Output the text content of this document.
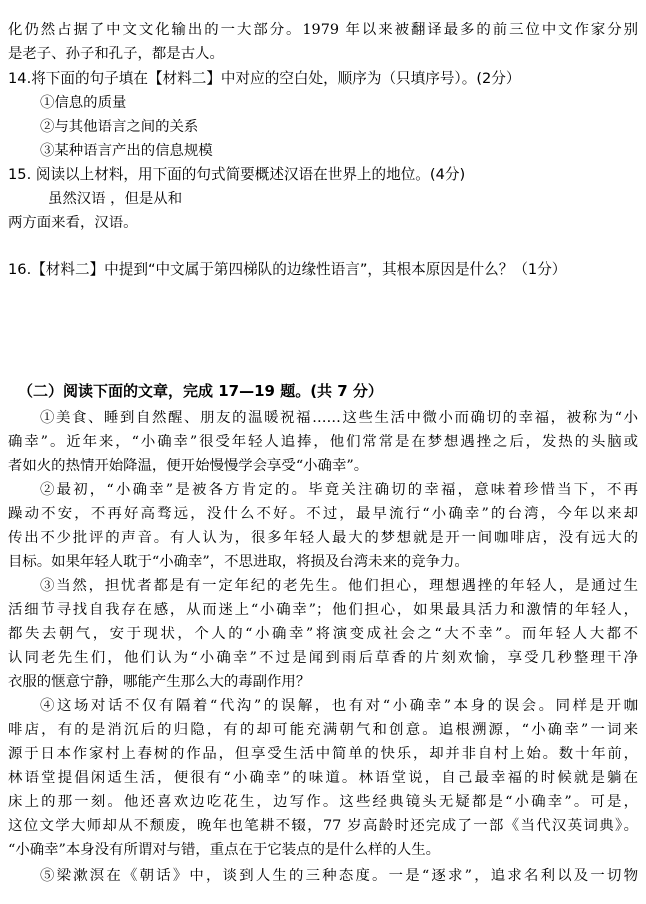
化仍然占据了中文文化输出的一大部分。1979 年以来被翻译最多的前三位中文作家分别
是老子、孙子和孔子，都是古人。
14.将下面的句子填在【材料二】中对应的空白处，顺序为（只填序号）。(2分）
①信息的质量
②与其他语言之间的关系
③某种语言产出的信息规模
15. 阅读以上材料，用下面的句式简要概述汉语在世界上的地位。(4分)
虽然汉语 ，但是从和
两方面来看，汉语。
16.【材料二】中提到“中文属于第四梯队的边缘性语言”，其根本原因是什么？（1分）
（二）阅读下面的文章，完成 17—19 题。(共 7 分）
①美食、睡到自然醒、朋友的温暖祝福……这些生活中微小而确切的幸福，被称为“小
确幸”。近年来，“小确幸”很受年轻人追捧，他们常常是在梦想遇挫之后，发热的头脑或
者如火的热情开始降温，便开始慢慢学会享受“小确幸”。
②最初，“小确幸”是被各方肯定的。毕竟关注确切的幸福，意味着珍惜当下，不再
躁动不安，不再好高骛远，没什么不好。不过，最早流行“小确幸”的台湾，今年以来却
传出不少批评的声音。有人认为，很多年轻人最大的梦想就是开一间咖啡店，没有远大的
目标。如果年轻人耽于“小确幸”，不思进取，将损及台湾未来的竞争力。
③当然，担忧者都是有一定年纪的老先生。他们担心，理想遇挫的年轻人，是通过生
活细节寻找自我存在感，从而迷上“小确幸”；他们担心，如果最具活力和激情的年轻人，
都失去朝气，安于现状，个人的“小确幸”将演变成社会之“大不幸”。而年轻人大都不
认同老先生们，他们认为“小确幸”不过是闻到雨后草香的片刻欢愉，享受几秒整理干净
衣服的惬意宁静，哪能产生那么大的毒副作用？
④这场对话不仅有隔着“代沟”的误解，也有对“小确幸”本身的误会。同样是开咖
啡店，有的是消沉后的归隐，有的却可能充满朝气和创意。追根溯源，“小确幸”一词来
源于日本作家村上春树的作品，但享受生活中简单的快乐，却并非自村上始。数十年前，
林语堂提倡闲适生活，便很有“小确幸”的味道。林语堂说，自己最幸福的时候就是躺在
床上的那一刻。他还喜欢边吃花生，边写作。这些经典镜头无疑都是“小确幸”。可是，
这位文学大师却从不颓废，晚年也笔耕不辍，77 岁高龄时还完成了一部《当代汉英词典》。
“小确幸”本身没有所谓对与错，重点在于它装点的是什么样的人生。
⑤梁漱溟在《朝话》中，谈到人生的三种态度。一是“逐求”，追求名利以及一切物
